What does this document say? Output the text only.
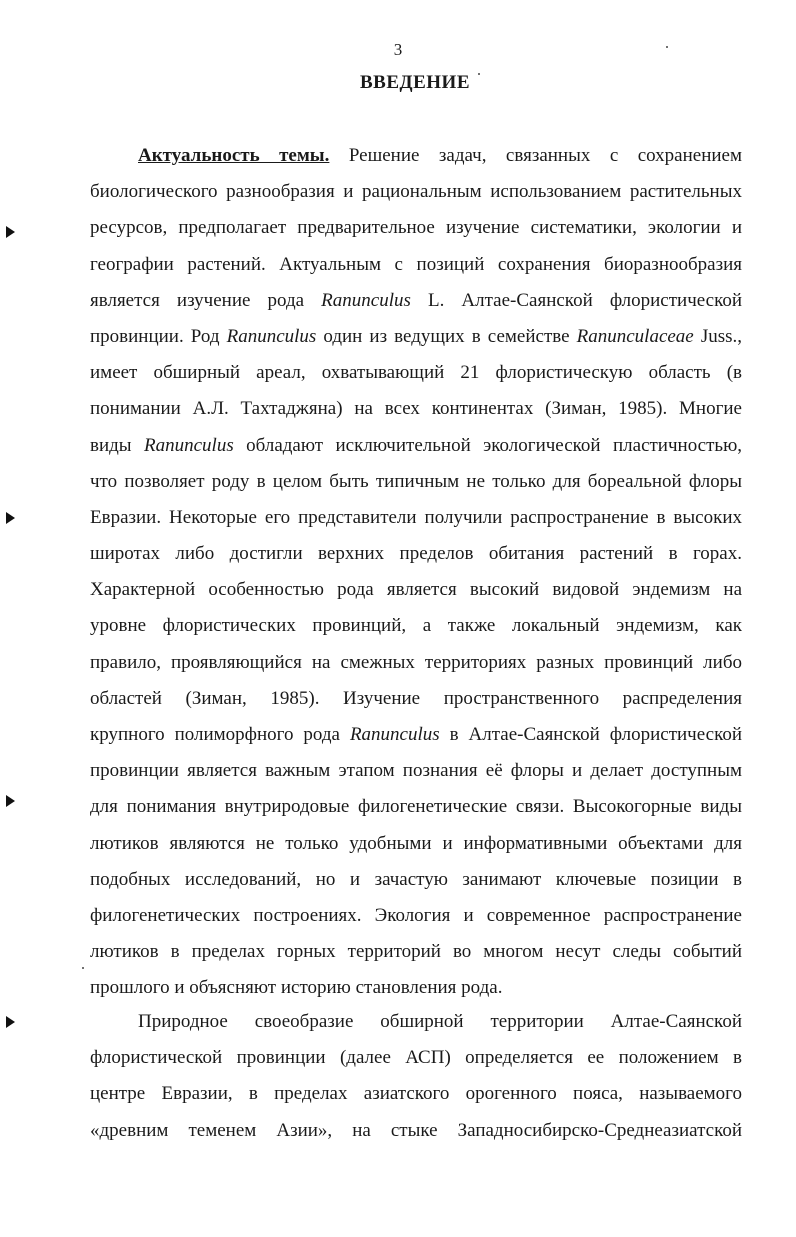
3
ВВЕДЕНИЕ
Актуальность темы. Решение задач, связанных с сохранением
биологического разнообразия и рациональным использованием растительных
ресурсов, предполагает предварительное изучение систематики, экологии и
географии растений. Актуальным с позиций сохранения биоразнообразия
является изучение рода Ranunculus L. Алтае-Саянской флористической
провинции. Род Ranunculus один из ведущих в семействе Ranunculaceae Juss.,
имеет обширный ареал, охватывающий 21 флористическую область (в
понимании А.Л. Тахтаджяна) на всех континентах (Зиман, 1985). Многие
виды Ranunculus обладают исключительной экологической пластичностью,
что позволяет роду в целом быть типичным не только для бореальной флоры
Евразии. Некоторые его представители получили распространение в высоких
широтах либо достигли верхних пределов обитания растений в горах.
Характерной особенностью рода является высокий видовой эндемизм на
уровне флористических провинций, а также локальный эндемизм, как
правило, проявляющийся на смежных территориях разных провинций либо
областей (Зиман, 1985). Изучение пространственного распределения
крупного полиморфного рода Ranunculus в Алтае-Саянской флористической
провинции является важным этапом познания её флоры и делает доступным
для понимания внутриродовые филогенетические связи. Высокогорные виды
лютиков являются не только удобными и информативными объектами для
подобных исследований, но и зачастую занимают ключевые позиции в
филогенетических построениях. Экология и современное распространение
лютиков в пределах горных территорий во многом несут следы событий
прошлого и объясняют историю становления рода.
Природное своеобразие обширной территории Алтае-Саянской
флористической провинции (далее АСП) определяется ее положением в
центре Евразии, в пределах азиатского орогенного пояса, называемого
«древним теменем Азии», на стыке Западносибирско-Среднеазиатской
